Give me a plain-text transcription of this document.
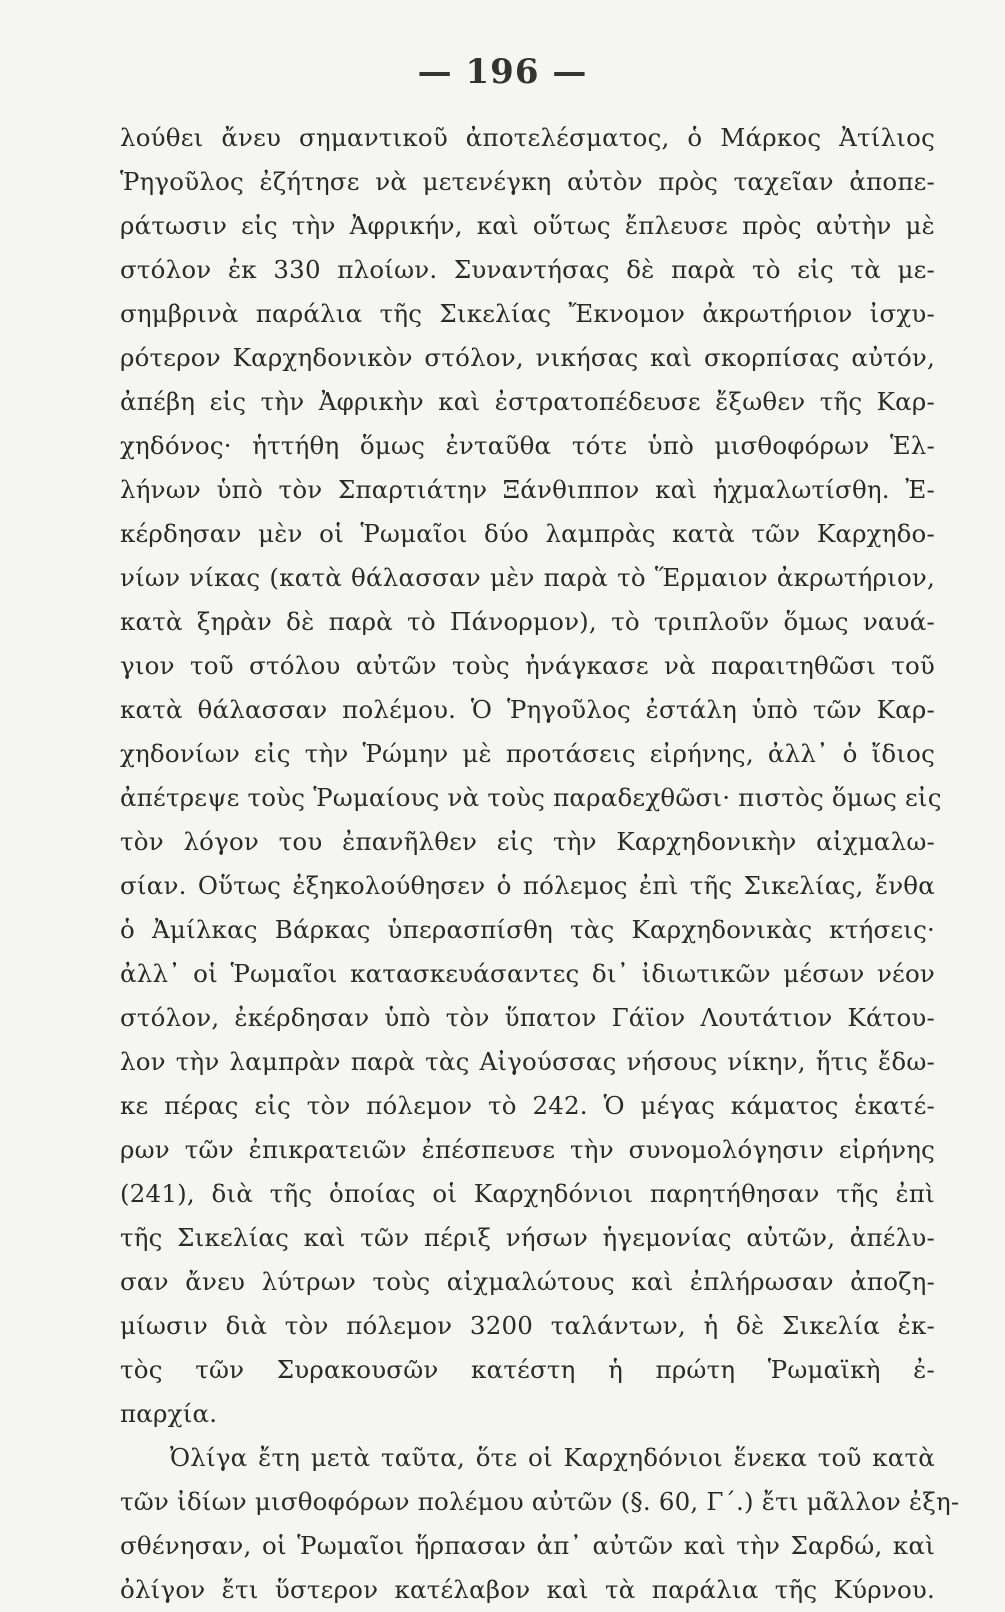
— 196 —
λούθει ἄνευ σημαντικοῦ ἀποτελέσματος, ὁ Μάρκος Ἀτίλιος
Ῥηγοῦλος ἐζήτησε νὰ μετενέγκη αὐτὸν πρὸς ταχεῖαν ἀποπε-
ράτωσιν εἰς τὴν Ἀφρικήν, καὶ οὕτως ἔπλευσε πρὸς αὐτὴν μὲ
στόλον ἐκ 330 πλοίων. Συναντήσας δὲ παρὰ τὸ εἰς τὰ με-
σημβρινὰ παράλια τῆς Σικελίας Ἔκνομον ἀκρωτήριον ἰσχυ-
ρότερον Καρχηδονικὸν στόλον, νικήσας καὶ σκορπίσας αὐτόν,
ἀπέβη εἰς τὴν Ἀφρικὴν καὶ ἐστρατοπέδευσε ἔξωθεν τῆς Καρ-
χηδόνος· ἡττήθη ὅμως ἐνταῦθα τότε ὑπὸ μισθοφόρων Ἑλ-
λήνων ὑπὸ τὸν Σπαρτιάτην Ξάνθιππον καὶ ἠχμαλωτίσθη. Ἐ-
κέρδησαν μὲν οἱ Ῥωμαῖοι δύο λαμπρὰς κατὰ τῶν Καρχηδο-
νίων νίκας (κατὰ θάλασσαν μὲν παρὰ τὸ Ἕρμαιον ἀκρωτήριον,
κατὰ ξηρὰν δὲ παρὰ τὸ Πάνορμον), τὸ τριπλοῦν ὅμως ναυά-
γιον τοῦ στόλου αὐτῶν τοὺς ἠνάγκασε νὰ παραιτηθῶσι τοῦ
κατὰ θάλασσαν πολέμου. Ὁ Ῥηγοῦλος ἐστάλη ὑπὸ τῶν Καρ-
χηδονίων εἰς τὴν Ῥώμην μὲ προτάσεις εἰρήνης, ἀλλ᾽ ὁ ἴδιος
ἀπέτρεψε τοὺς Ῥωμαίους νὰ τοὺς παραδεχθῶσι· πιστὸς ὅμως εἰς
τὸν λόγον του ἐπανῆλθεν εἰς τὴν Καρχηδονικὴν αἰχμαλω-
σίαν. Οὕτως ἐξηκολούθησεν ὁ πόλεμος ἐπὶ τῆς Σικελίας, ἔνθα
ὁ Ἀμίλκας Βάρκας ὑπερασπίσθη τὰς Καρχηδονικὰς κτήσεις·
ἀλλ᾽ οἱ Ῥωμαῖοι κατασκευάσαντες δι᾽ ἰδιωτικῶν μέσων νέον
στόλον, ἐκέρδησαν ὑπὸ τὸν ὕπατον Γάϊον Λουτάτιον Κάτου-
λον τὴν λαμπρὰν παρὰ τὰς Αἰγούσσας νήσους νίκην, ἥτις ἔδω-
κε πέρας εἰς τὸν πόλεμον τὸ 242. Ὁ μέγας κάματος ἑκατέ-
ρων τῶν ἐπικρατειῶν ἐπέσπευσε τὴν συνομολόγησιν εἰρήνης
(241), διὰ τῆς ὁποίας οἱ Καρχηδόνιοι παρητήθησαν τῆς ἐπὶ
τῆς Σικελίας καὶ τῶν πέριξ νήσων ἡγεμονίας αὐτῶν, ἀπέλυ-
σαν ἄνευ λύτρων τοὺς αἰχμαλώτους καὶ ἐπλήρωσαν ἀποζη-
μίωσιν διὰ τὸν πόλεμον 3200 ταλάντων, ἡ δὲ Σικελία ἐκ-
τὸς τῶν Συρακουσῶν κατέστη ἡ πρώτη Ῥωμαϊκὴ ἐ-
παρχία.
Ὀλίγα ἔτη μετὰ ταῦτα, ὅτε οἱ Καρχηδόνιοι ἕνεκα τοῦ κατὰ
τῶν ἰδίων μισθοφόρων πολέμου αὐτῶν (§. 60, Γ΄.) ἔτι μᾶλλον ἐξη-
σθένησαν, οἱ Ῥωμαῖοι ἥρπασαν ἀπ᾽ αὐτῶν καὶ τὴν Σαρδώ, καὶ
ὀλίγον ἔτι ὕστερον κατέλαβον καὶ τὰ παράλια τῆς Κύρνου.
